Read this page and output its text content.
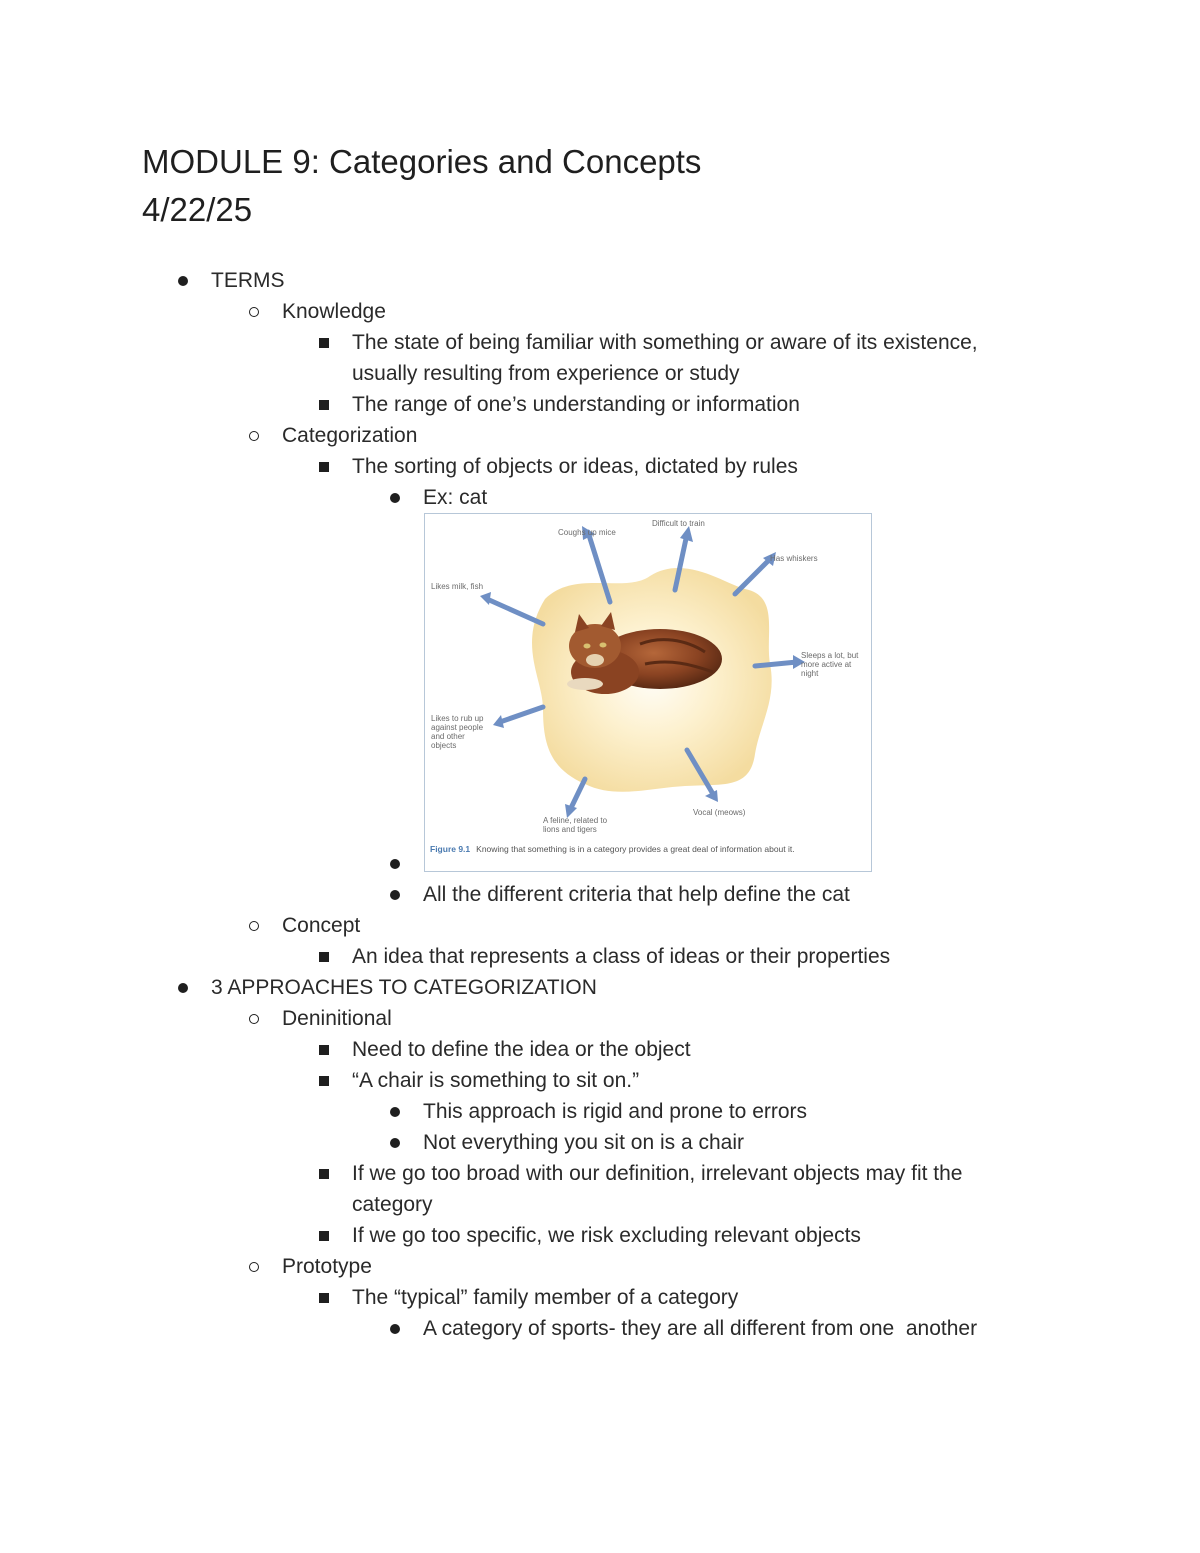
MODULE 9: Categories and Concepts
4/22/25
TERMS
Knowledge
The state of being familiar with something or aware of its existence,
usually resulting from experience or study
The range of one’s understanding or information
Categorization
The sorting of objects or ideas, dictated by rules
Ex: cat
Coughs up mice
Difficult to train
Has whiskers
Likes milk, fish
Sleeps a lot, but more active at night
Likes to rub up against people and other objects
A feline, related to lions and tigers
Vocal (meows)
Figure 9.1 Knowing that something is in a category provides a great deal of information about it.
All the different criteria that help define the cat
Concept
An idea that represents a class of ideas or their properties
3 APPROACHES TO CATEGORIZATION
Deninitional
Need to define the idea or the object
“A chair is something to sit on.”
This approach is rigid and prone to errors
Not everything you sit on is a chair
If we go too broad with our definition, irrelevant objects may fit the
category
If we go too specific, we risk excluding relevant objects
Prototype
The “typical” family member of a category
A category of sports- they are all different from one  another
